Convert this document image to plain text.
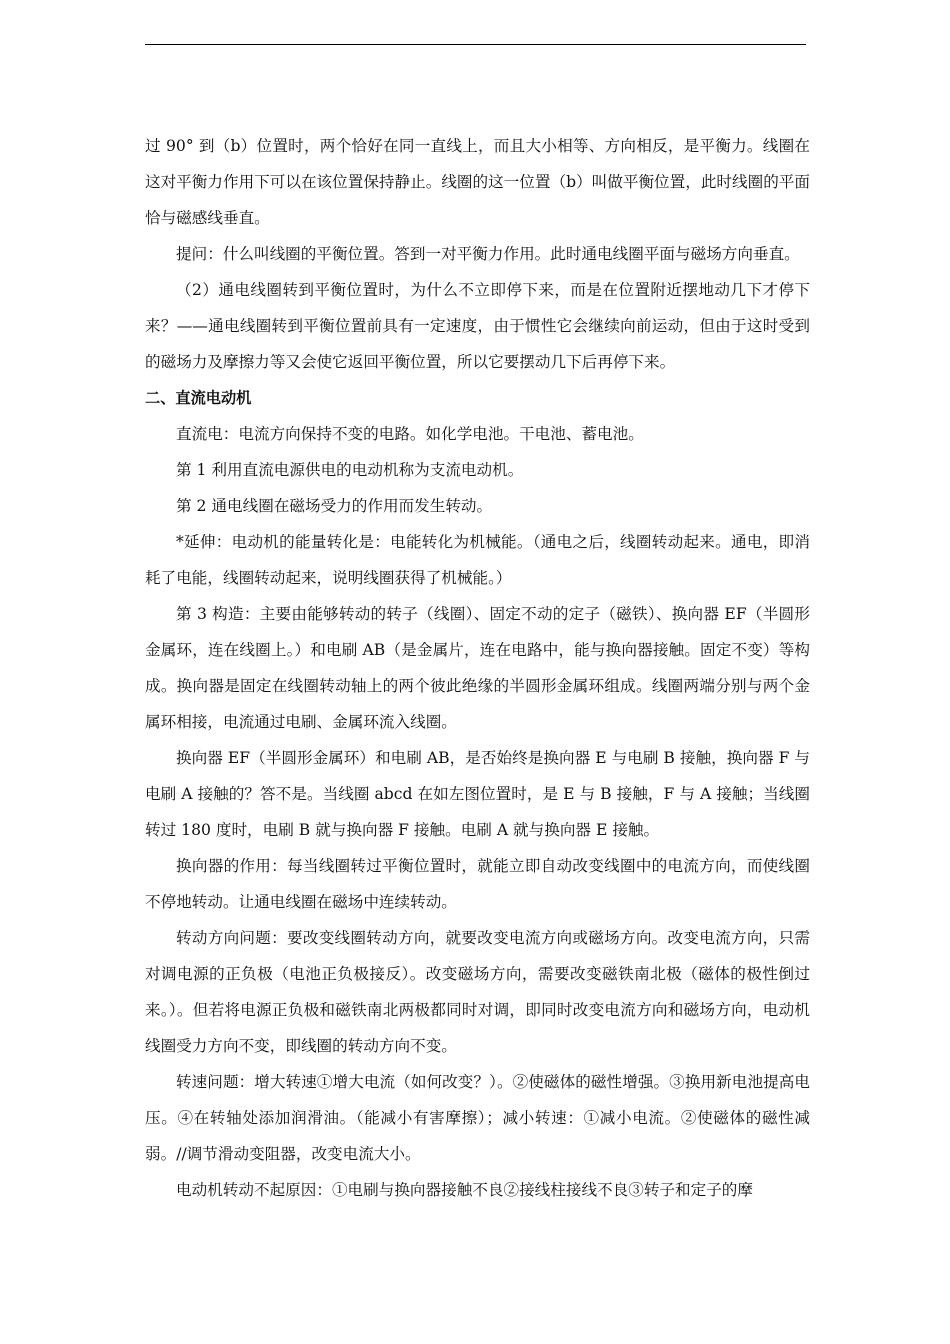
过 90° 到（b）位置时，两个恰好在同一直线上，而且大小相等、方向相反，是平衡力。线圈在这对平衡力作用下可以在该位置保持静止。线圈的这一位置（b）叫做平衡位置，此时线圈的平面恰与磁感线垂直。

提问：什么叫线圈的平衡位置。答到一对平衡力作用。此时通电线圈平面与磁场方向垂直。

（2）通电线圈转到平衡位置时，为什么不立即停下来，而是在位置附近摆地动几下才停下来？——通电线圈转到平衡位置前具有一定速度，由于惯性它会继续向前运动，但由于这时受到的磁场力及摩擦力等又会使它返回平衡位置，所以它要摆动几下后再停下来。

二、直流电动机

直流电：电流方向保持不变的电路。如化学电池。干电池、蓄电池。

第 1 利用直流电源供电的电动机称为支流电动机。

第 2 通电线圈在磁场受力的作用而发生转动。

*延伸：电动机的能量转化是：电能转化为机械能。（通电之后，线圈转动起来。通电，即消耗了电能，线圈转动起来，说明线圈获得了机械能。）

第 3 构造：主要由能够转动的转子（线圈）、固定不动的定子（磁铁）、换向器 EF（半圆形金属环，连在线圈上。）和电刷 AB（是金属片，连在电路中，能与换向器接触。固定不变）等构成。换向器是固定在线圈转动轴上的两个彼此绝缘的半圆形金属环组成。线圈两端分别与两个金属环相接，电流通过电刷、金属环流入线圈。

换向器 EF（半圆形金属环）和电刷 AB，是否始终是换向器 E 与电刷 B 接触，换向器 F 与电刷 A 接触的？答不是。当线圈 abcd 在如左图位置时，是 E 与 B 接触，F 与 A 接触；当线圈转过 180 度时，电刷 B 就与换向器 F 接触。电刷 A 就与换向器 E 接触。

换向器的作用：每当线圈转过平衡位置时，就能立即自动改变线圈中的电流方向，而使线圈不停地转动。让通电线圈在磁场中连续转动。

转动方向问题：要改变线圈转动方向，就要改变电流方向或磁场方向。改变电流方向，只需对调电源的正负极（电池正负极接反）。改变磁场方向，需要改变磁铁南北极（磁体的极性倒过来。）。但若将电源正负极和磁铁南北两极都同时对调，即同时改变电流方向和磁场方向，电动机线圈受力方向不变，即线圈的转动方向不变。

转速问题：增大转速①增大电流（如何改变？）。②使磁体的磁性增强。③换用新电池提高电压。④在转轴处添加润滑油。（能减小有害摩擦）；减小转速：①减小电流。②使磁体的磁性减弱。//调节滑动变阻器，改变电流大小。

电动机转动不起原因：①电刷与换向器接触不良②接线柱接线不良③转子和定子的摩
